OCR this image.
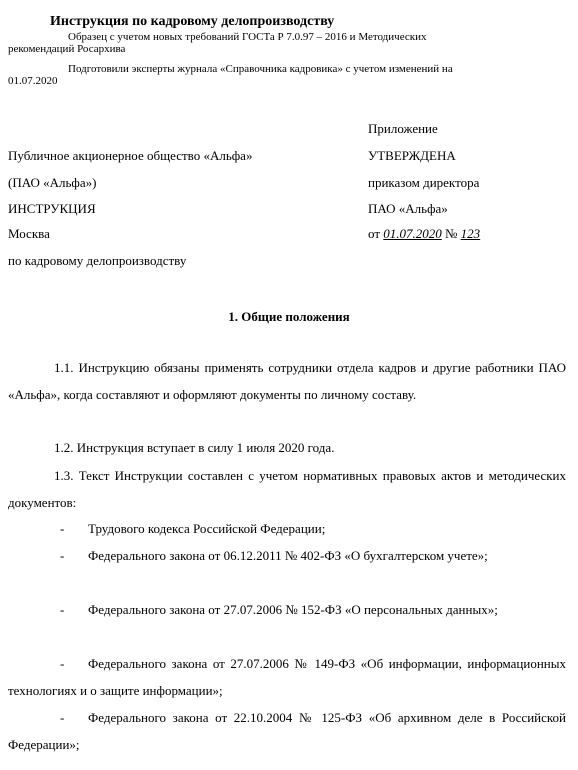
Инструкция по кадровому делопроизводству
Образец с учетом новых требований ГОСТа Р 7.0.97 – 2016 и Методических
рекомендаций Росархива
Подготовили эксперты журнала «Справочника кадровика» с учетом изменений на
01.07.2020
Приложение
УТВЕРЖДЕНА
приказом директора
ПАО «Альфа»
от 01.07.2020 № 123
Публичное акционерное общество «Альфа»
(ПАО «Альфа»)
ИНСТРУКЦИЯ
Москва
по кадровому делопроизводству
1. Общие положения
1.1. Инструкцию обязаны применять сотрудники отдела кадров и другие работники ПАО «Альфа», когда составляют и оформляют документы по личному составу.
1.2. Инструкция вступает в силу 1 июля 2020 года.
1.3. Текст Инструкции составлен с учетом нормативных правовых актов и методических документов:
- Трудового кодекса Российской Федерации;
- Федерального закона от 06.12.2011 № 402-ФЗ «О бухгалтерском учете»;
- Федерального закона от 27.07.2006 № 152-ФЗ «О персональных данных»;
- Федерального закона от 27.07.2006 № 149-ФЗ «Об информации, информационных технологиях и о защите информации»;
- Федерального закона от 22.10.2004 № 125-ФЗ «Об архивном деле в Российской Федерации»;
